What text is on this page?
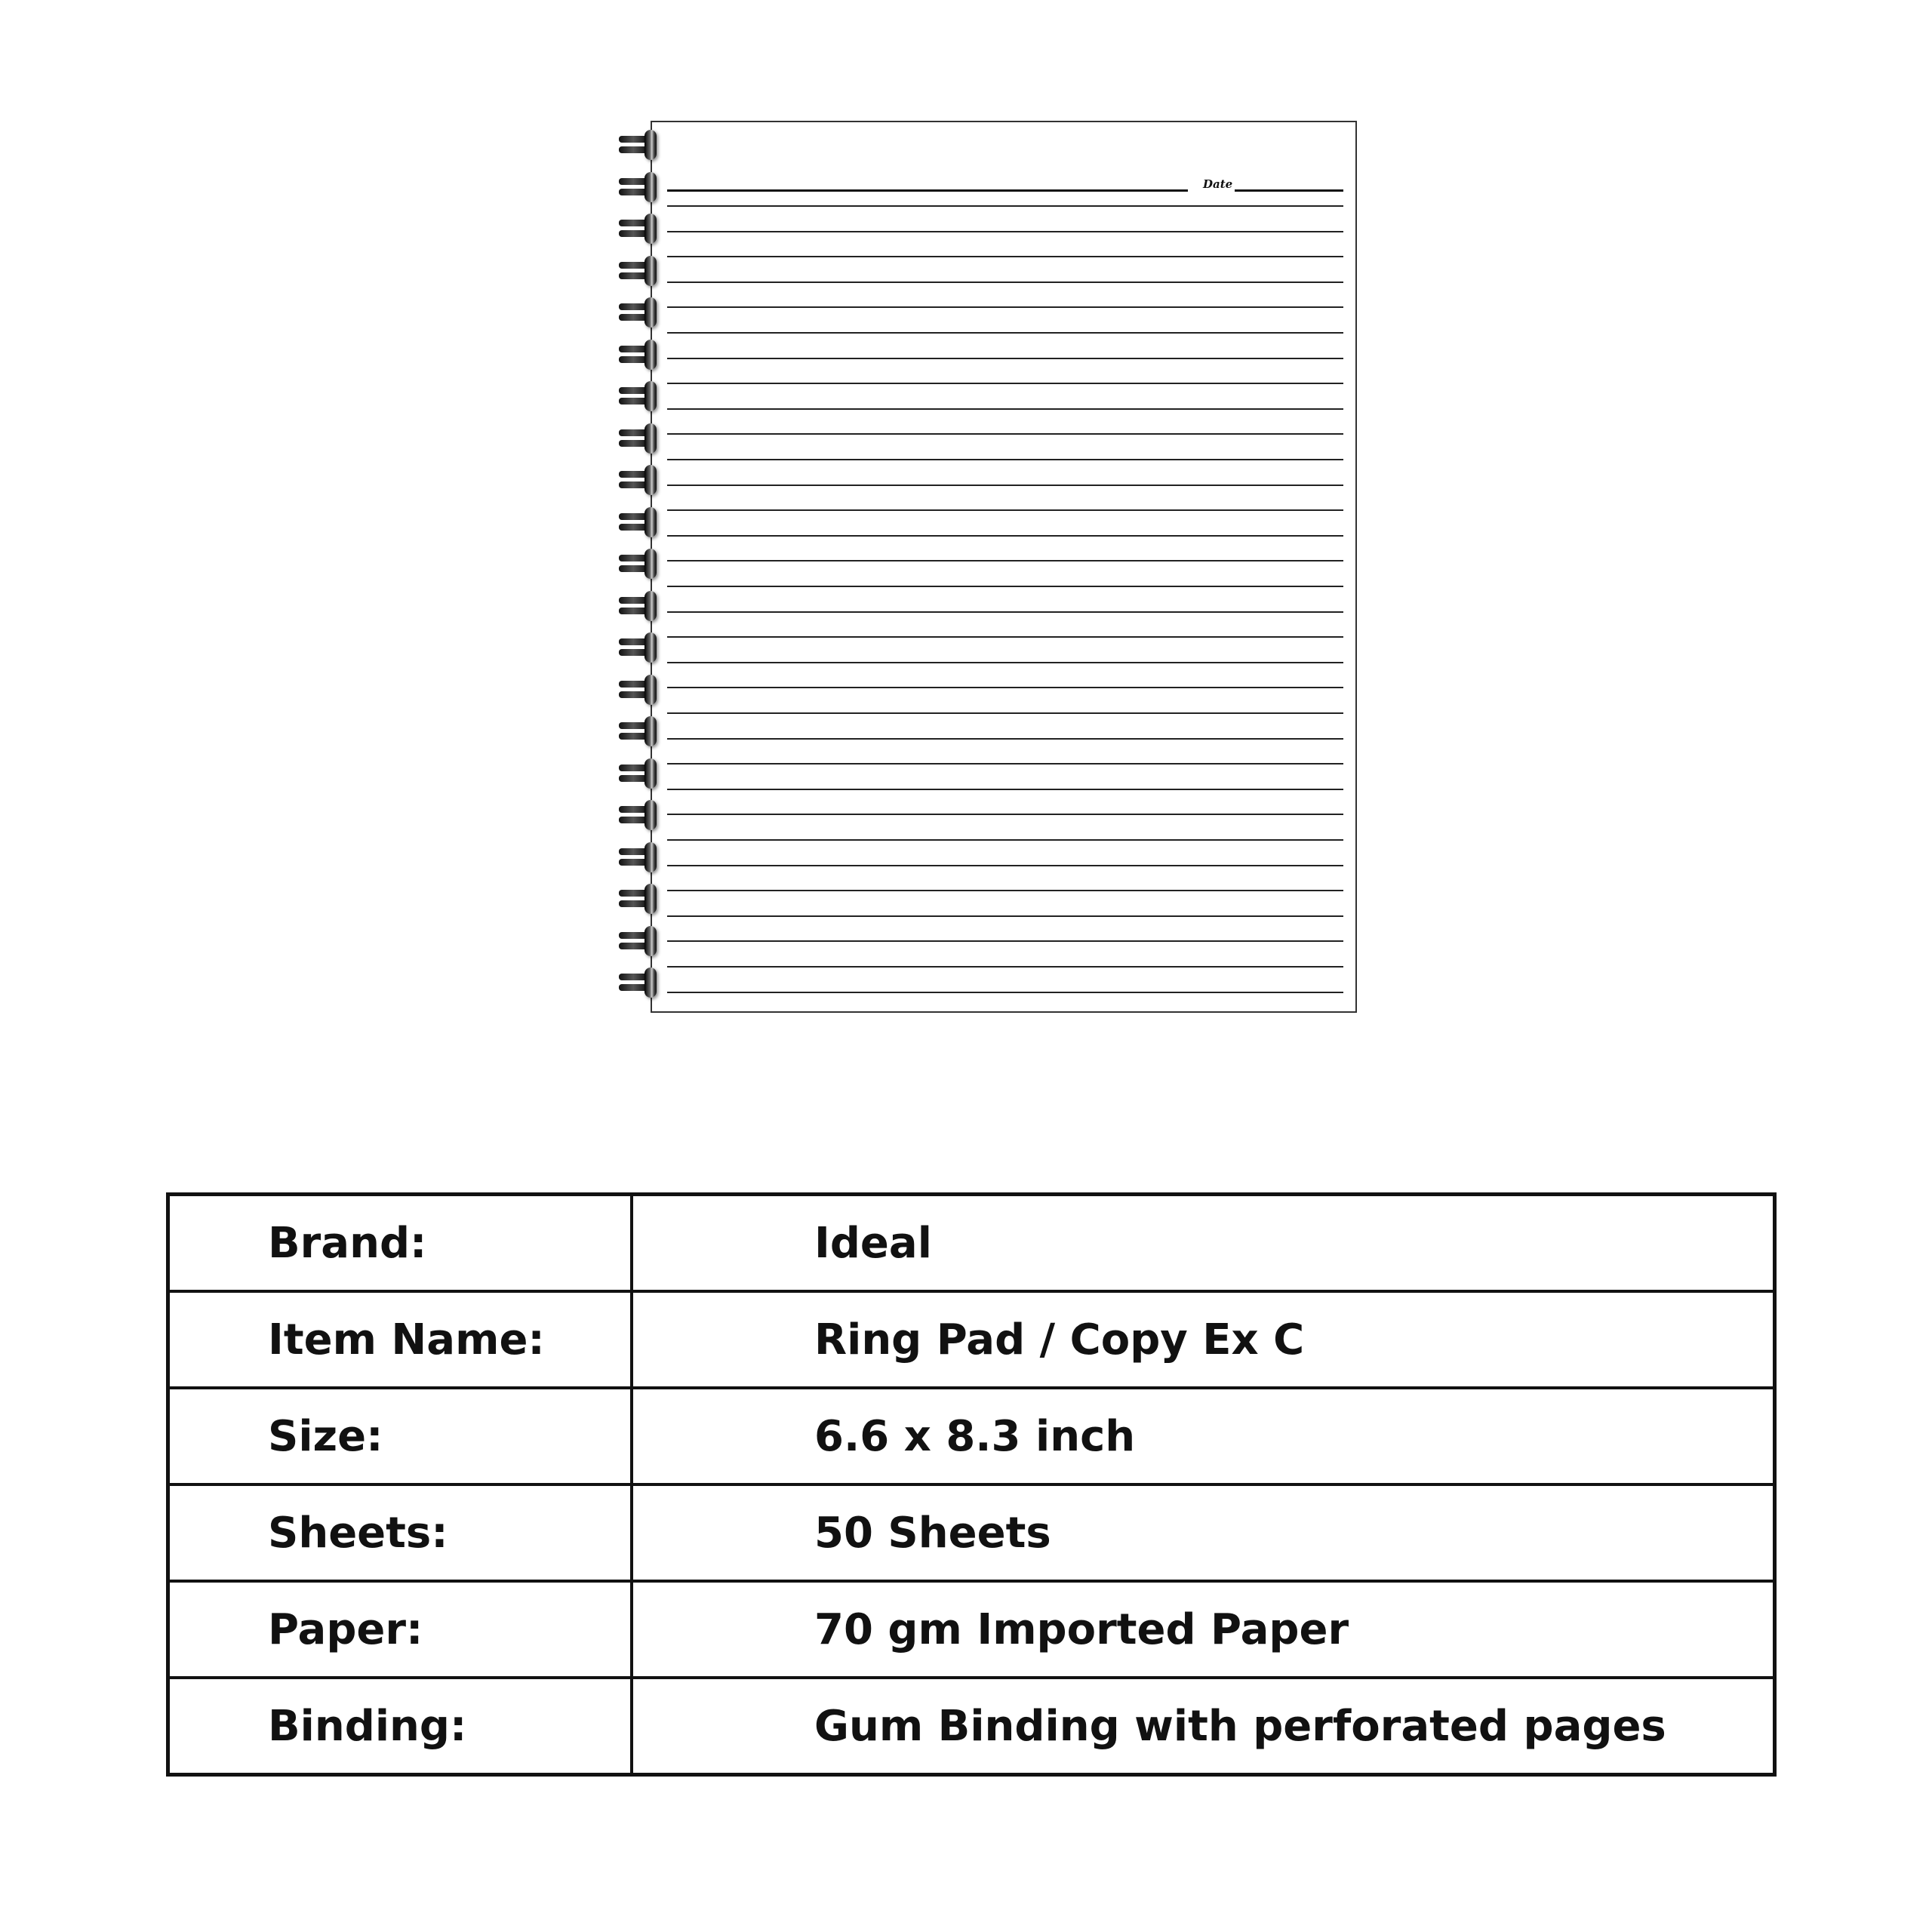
Date
Brand:	Ideal
Item Name:	Ring Pad / Copy Ex C
Size:	6.6 x 8.3 inch
Sheets:	50 Sheets
Paper:	70 gm Imported Paper
Binding:	Gum Binding with perforated pages
